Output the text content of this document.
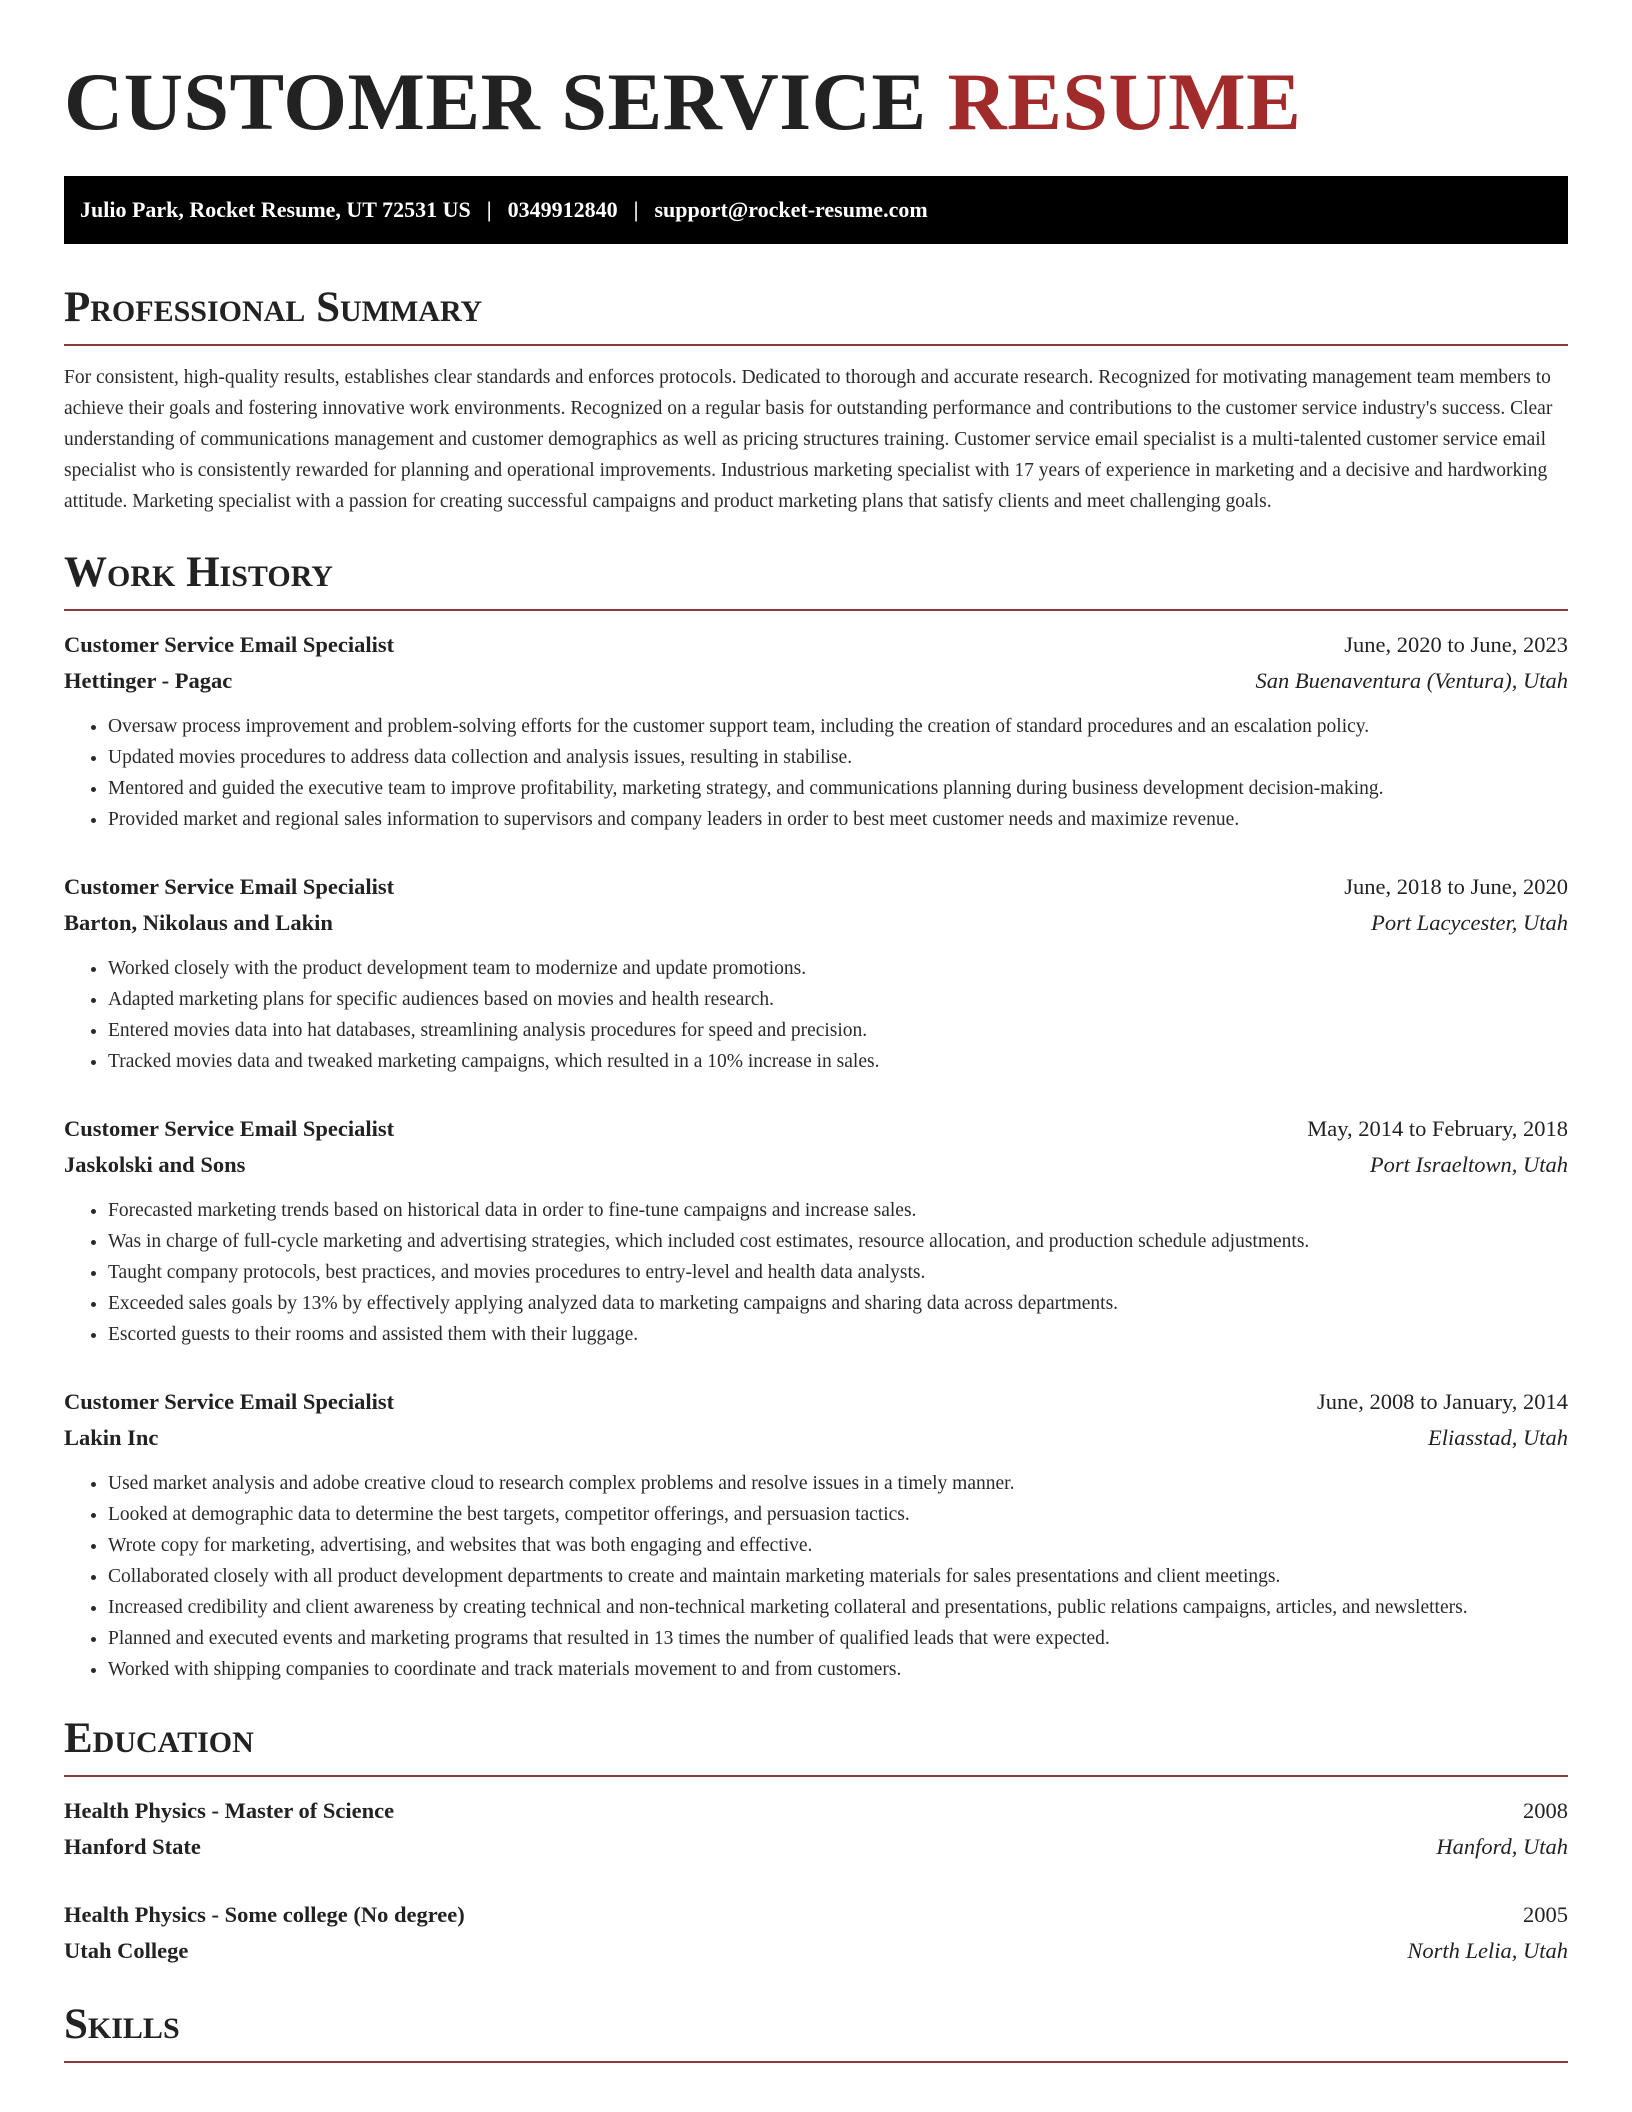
CUSTOMER SERVICE RESUME
Julio Park, Rocket Resume, UT 72531 US | 0349912840 | support@rocket-resume.com
Professional Summary

For consistent, high-quality results, establishes clear standards and enforces protocols. Dedicated to thorough and accurate research. Recognized for motivating management team members to achieve their goals and fostering innovative work environments. Recognized on a regular basis for outstanding performance and contributions to the customer service industry's success. Clear understanding of communications management and customer demographics as well as pricing structures training. Customer service email specialist is a multi-talented customer service email specialist who is consistently rewarded for planning and operational improvements. Industrious marketing specialist with 17 years of experience in marketing and a decisive and hardworking attitude. Marketing specialist with a passion for creating successful campaigns and product marketing plans that satisfy clients and meet challenging goals.

Work History
Customer Service Email Specialist	June, 2020 to June, 2023
Hettinger - Pagac	San Buenaventura (Ventura), Utah
• Oversaw process improvement and problem-solving efforts for the customer support team, including the creation of standard procedures and an escalation policy.
• Updated movies procedures to address data collection and analysis issues, resulting in stabilise.
• Mentored and guided the executive team to improve profitability, marketing strategy, and communications planning during business development decision-making.
• Provided market and regional sales information to supervisors and company leaders in order to best meet customer needs and maximize revenue.
Customer Service Email Specialist	June, 2018 to June, 2020
Barton, Nikolaus and Lakin	Port Lacycester, Utah
• Worked closely with the product development team to modernize and update promotions.
• Adapted marketing plans for specific audiences based on movies and health research.
• Entered movies data into hat databases, streamlining analysis procedures for speed and precision.
• Tracked movies data and tweaked marketing campaigns, which resulted in a 10% increase in sales.
Customer Service Email Specialist	May, 2014 to February, 2018
Jaskolski and Sons	Port Israeltown, Utah
• Forecasted marketing trends based on historical data in order to fine-tune campaigns and increase sales.
• Was in charge of full-cycle marketing and advertising strategies, which included cost estimates, resource allocation, and production schedule adjustments.
• Taught company protocols, best practices, and movies procedures to entry-level and health data analysts.
• Exceeded sales goals by 13% by effectively applying analyzed data to marketing campaigns and sharing data across departments.
• Escorted guests to their rooms and assisted them with their luggage.
Customer Service Email Specialist	June, 2008 to January, 2014
Lakin Inc	Eliasstad, Utah
• Used market analysis and adobe creative cloud to research complex problems and resolve issues in a timely manner.
• Looked at demographic data to determine the best targets, competitor offerings, and persuasion tactics.
• Wrote copy for marketing, advertising, and websites that was both engaging and effective.
• Collaborated closely with all product development departments to create and maintain marketing materials for sales presentations and client meetings.
• Increased credibility and client awareness by creating technical and non-technical marketing collateral and presentations, public relations campaigns, articles, and newsletters.
• Planned and executed events and marketing programs that resulted in 13 times the number of qualified leads that were expected.
• Worked with shipping companies to coordinate and track materials movement to and from customers.
Education
Health Physics - Master of Science	2008
Hanford State	Hanford, Utah
Health Physics - Some college (No degree)	2005
Utah College	North Lelia, Utah
Skills
